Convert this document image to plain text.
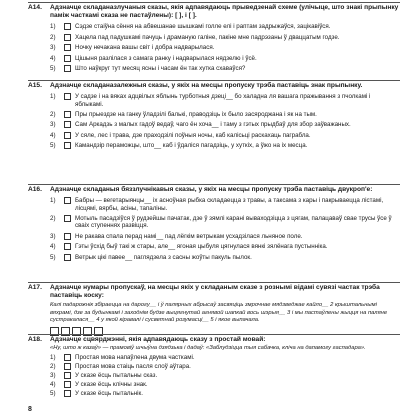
А14.	Адзначце складаназлучаныя сказы, якія адпавядаюць прыведзенай схеме (улічыце, што знакі прыпынку паміж часткамі сказа не пастаўлены): [ ], і [ ].
1)	Сэдзе стаіўна сёння на абвешанае шышкамі голле елі і раптам задрыжаўся, зацікавіўся.
2)	Хацела пад падушкамі пачуць і драманую галіне, пакіне мне падрэзаны ў дваццатым годзе.
3)	Ночку нечакана вашы світ і добра надварылася.
4)	Цішыня разлілася з самага ранку і надварылася нядзелю і ўсё.
5)	Што наўкруг тут месяц ясны і часам ён так хутка схаваўся?
А15.	Адзначце складаназалежныя сказы, у якіх на месцы пропуску трэба паставіць знак прыпынку.
1)	У садзе і на вяках адцвілых яблынь турботныя дзеці__ бо халадна ля вашага пражывання з пчолкамі і яблыкамі.
2)	Пры прыездзе на ганку ўладзілі балькі, праводзіць іх было засяроджана і як на тым.
3)	Сам Аркадзь з малых гадоў ведаў, чаго ён хоча__ і таму з гэтых прыдбаў для збор заўважаных.
4)	У сяле, лес і трава, дзе праходзілі поўныя ночы, каб калісьці раскахаць паграбла.
5)	Камандзір пераможцы, што__ каб і ўдаліся пагадзіць, у хуткіх, а ўжо на іх месца.
А16.	Адзначце складаныя бяззлучнікавыя сказы, у якіх на месцы пропуску трэба паставіць двукроп'е:
1)	Бабры — вегетарыянцы__ іх асноўная рыбка складаецца з травы, а таксама з кары і пакрываецца лістамі, лісцямі, вярбы, асіны, тапаліны.
2)	Мотыль пасадзіўся ў рудзейшы пачатак, дзе ў зямлі карані вываходзіцца з цягам, палацаваў свае трусы ўсе ў сваіх ступеннях развіцця.
3)	Не ракава спала перад намі__ пад лёгкім ветрыкам усхадзілася льняное поле.
4)	Гэты ўсхід быў такі ж стары, але__ ягоная цыбуля цягнулася вянкі зялёнага пустынніка.
5)	Ветрык цікі павее__ паглядзела з сасны жоўты пакуль пылок.
А17.	Адзначце нумары пропускаў, на месцы якіх у складаным сказе з рознымі відамі сувязі частак трэба паставіць коску:
Калі падарожнік збіраецца на дарогу__ і ў палярных абрысаў засвяціць змрочнае мядзведжае кайло__ 2 крыштальнымі вяхрамі, дзе за будынкамі і заходнім будзе выцягнутай агнявой шапкай вось шэрыя__ 3 і мы пастаўлены жыцця на паляне сустракалася__ 4 у якой кіравалі і сусветнай розумасці__ 5 і якое выпачала.
А18.	Адзначце сцвярджэнні, якія адпавядаюць сказу з простай мовай:
«Ну, што ж казаў» — прамовіў шчыўна дзядзька і дадаў: «Заблудзіцца тыя сабачка, кліча на дапамогу гаспадара».
1)	Простая мова напаўлена двума часткамі.
2)	Простая мова стаіць пасля слоў аўтара.
3)	У сказе ёсць пытальны сказ.
4)	У сказе ёсць клічны знак.
5)	У сказе ёсць пытальнік.
8
